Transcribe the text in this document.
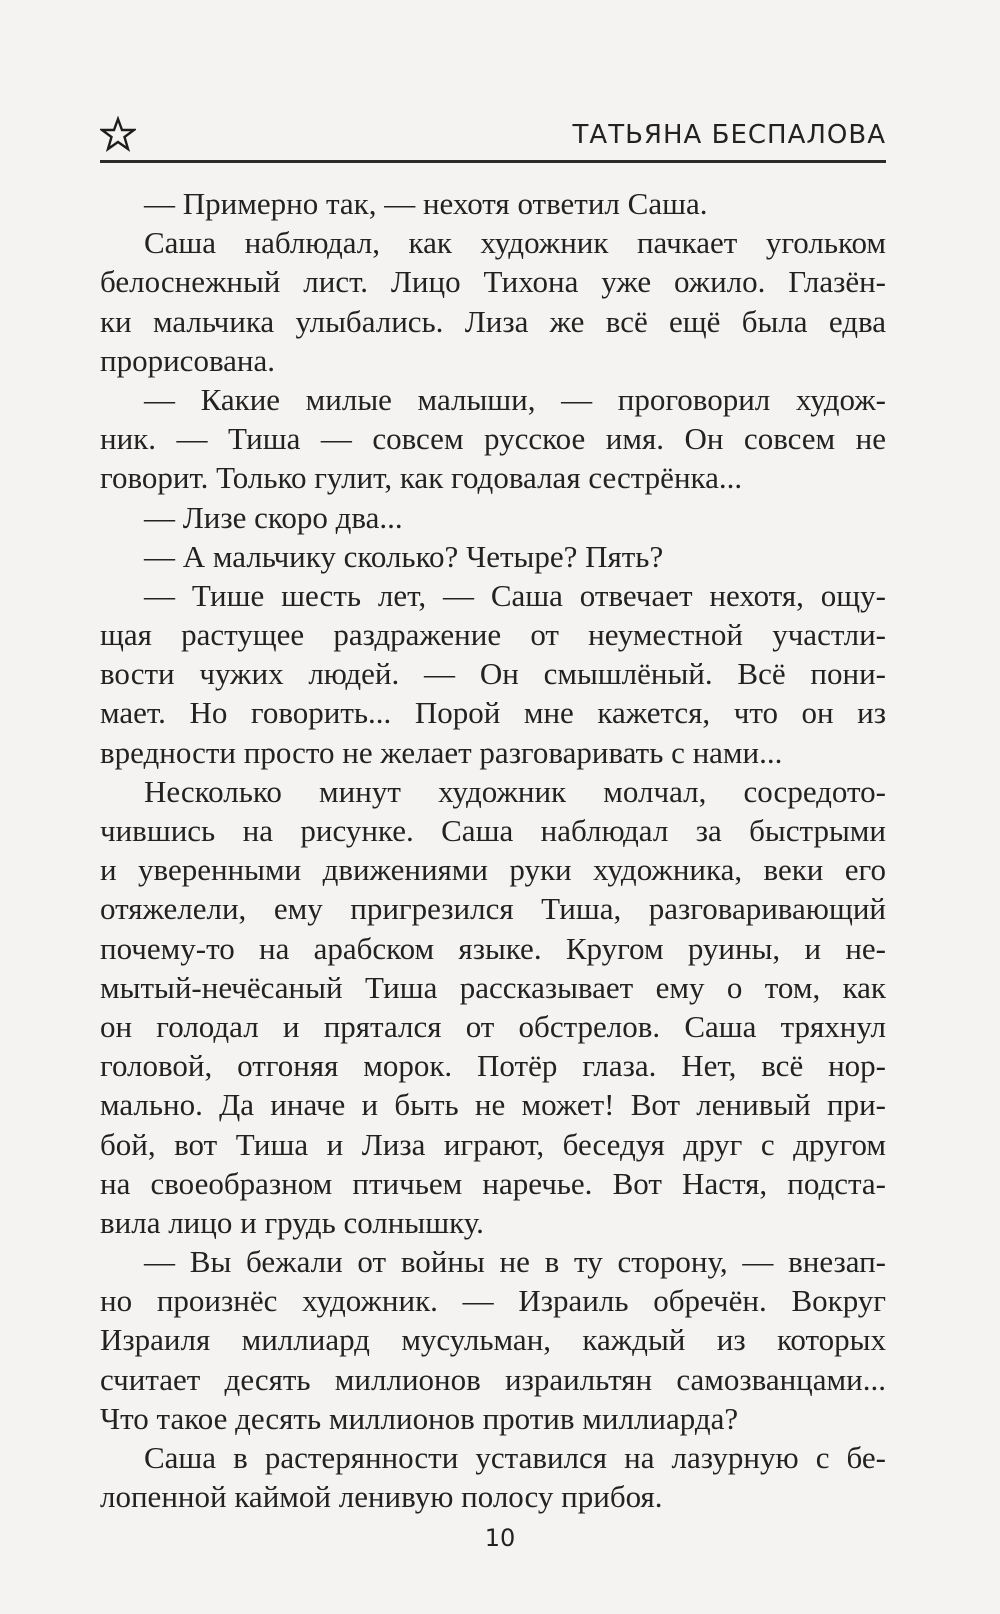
ТАТЬЯНА БЕСПАЛОВА
— Примерно так, — нехотя ответил Саша.
Саша наблюдал, как художник пачкает угольком
белоснежный лист. Лицо Тихона уже ожило. Глазён-
ки мальчика улыбались. Лиза же всё ещё была едва
прорисована.
— Какие милые малыши, — проговорил худож-
ник. — Тиша — совсем русское имя. Он совсем не
говорит. Только гулит, как годовалая сестрёнка...
— Лизе скоро два...
— А мальчику сколько? Четыре? Пять?
— Тише шесть лет, — Саша отвечает нехотя, ощу-
щая растущее раздражение от неуместной участли-
вости чужих людей. — Он смышлёный. Всё пони-
мает. Но говорить... Порой мне кажется, что он из
вредности просто не желает разговаривать с нами...
Несколько минут художник молчал, сосредото-
чившись на рисунке. Саша наблюдал за быстрыми
и уверенными движениями руки художника, веки его
отяжелели, ему пригрезился Тиша, разговаривающий
почему-то на арабском языке. Кругом руины, и не-
мытый-нечёсаный Тиша рассказывает ему о том, как
он голодал и прятался от обстрелов. Саша тряхнул
головой, отгоняя морок. Потёр глаза. Нет, всё нор-
мально. Да иначе и быть не может! Вот ленивый при-
бой, вот Тиша и Лиза играют, беседуя друг с другом
на своеобразном птичьем наречье. Вот Настя, подста-
вила лицо и грудь солнышку.
— Вы бежали от войны не в ту сторону, — внезап-
но произнёс художник. — Израиль обречён. Вокруг
Израиля миллиард мусульман, каждый из которых
считает десять миллионов израильтян самозванцами...
Что такое десять миллионов против миллиарда?
Саша в растерянности уставился на лазурную с бе-
лопенной каймой ленивую полосу прибоя.
10
